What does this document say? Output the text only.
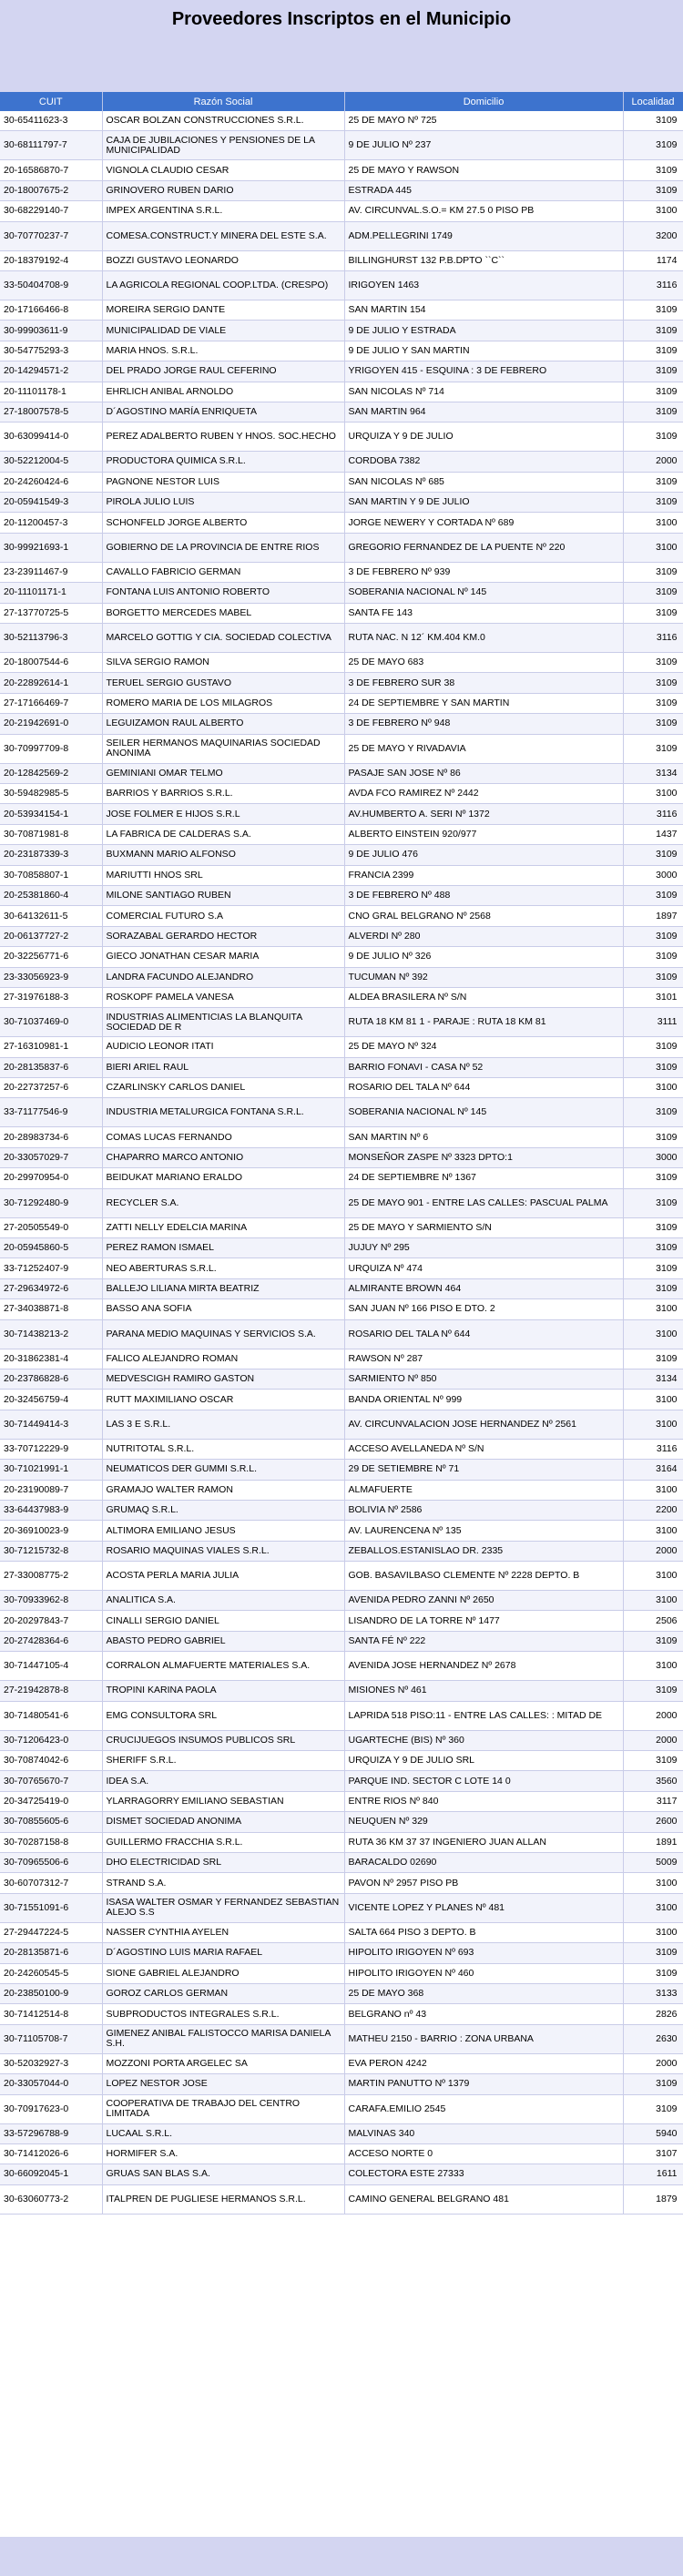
Proveedores Inscriptos en el Municipio
CUIT	Razón Social	Domicilio	Localidad
30-65411623-3	OSCAR BOLZAN CONSTRUCCIONES S.R.L.	25 DE MAYO Nº 725	3109
30-68111797-7	CAJA DE JUBILACIONES Y PENSIONES DE LA MUNICIPALIDAD	9 DE JULIO Nº 237	3109
20-16586870-7	VIGNOLA CLAUDIO CESAR	25 DE MAYO Y RAWSON	3109
20-18007675-2	GRINOVERO RUBEN DARIO	ESTRADA 445	3109
30-68229140-7	IMPEX ARGENTINA S.R.L.	AV. CIRCUNVAL.S.O.= KM 27.5 0 PISO PB	3100
30-70770237-7	COMESA.CONSTRUCT.Y MINERA DEL ESTE S.A.	ADM.PELLEGRINI 1749	3200
20-18379192-4	BOZZI GUSTAVO LEONARDO	BILLINGHURST 132 P.B.DPTO ``C``	1174
33-50404708-9	LA AGRICOLA REGIONAL COOP.LTDA. (CRESPO)	IRIGOYEN 1463	3116
20-17166466-8	MOREIRA SERGIO DANTE	SAN MARTIN 154	3109
30-99903611-9	MUNICIPALIDAD DE VIALE	9 DE JULIO Y ESTRADA	3109
30-54775293-3	MARIA HNOS. S.R.L.	9 DE JULIO Y SAN MARTIN	3109
20-14294571-2	DEL PRADO JORGE RAUL CEFERINO	YRIGOYEN 415 - ESQUINA : 3 DE FEBRERO	3109
20-11101178-1	EHRLICH ANIBAL ARNOLDO	SAN NICOLAS Nº 714	3109
27-18007578-5	D´AGOSTINO MARÍA ENRIQUETA	SAN MARTIN 964	3109
30-63099414-0	PEREZ ADALBERTO RUBEN Y HNOS. SOC.HECHO	URQUIZA Y 9 DE JULIO	3109
30-52212004-5	PRODUCTORA QUIMICA S.R.L.	CORDOBA 7382	2000
20-24260424-6	PAGNONE NESTOR LUIS	SAN NICOLAS Nº 685	3109
20-05941549-3	PIROLA JULIO LUIS	SAN MARTIN Y 9 DE JULIO	3109
20-11200457-3	SCHONFELD JORGE ALBERTO	JORGE NEWERY Y CORTADA Nº 689	3100
30-99921693-1	GOBIERNO DE LA PROVINCIA DE ENTRE RIOS	GREGORIO FERNANDEZ DE LA PUENTE Nº 220	3100
23-23911467-9	CAVALLO FABRICIO GERMAN	3 DE FEBRERO Nº 939	3109
20-11101171-1	FONTANA LUIS ANTONIO ROBERTO	SOBERANIA NACIONAL Nº 145	3109
27-13770725-5	BORGETTO MERCEDES MABEL	SANTA FE 143	3109
30-52113796-3	MARCELO GOTTIG Y CIA. SOCIEDAD COLECTIVA	RUTA NAC. N 12´ KM.404 KM.0	3116
20-18007544-6	SILVA SERGIO RAMON	25 DE MAYO 683	3109
20-22892614-1	TERUEL SERGIO GUSTAVO	3 DE FEBRERO SUR 38	3109
27-17166469-7	ROMERO MARIA DE LOS MILAGROS	24 DE SEPTIEMBRE Y SAN MARTIN	3109
20-21942691-0	LEGUIZAMON RAUL ALBERTO	3 DE FEBRERO Nº 948	3109
30-70997709-8	SEILER HERMANOS MAQUINARIAS SOCIEDAD ANONIMA	25 DE MAYO Y RIVADAVIA	3109
20-12842569-2	GEMINIANI OMAR TELMO	PASAJE SAN JOSE Nº 86	3134
30-59482985-5	BARRIOS Y BARRIOS S.R.L.	AVDA FCO RAMIREZ Nº 2442	3100
20-53934154-1	JOSE FOLMER E HIJOS S.R.L	AV.HUMBERTO A. SERI Nº 1372	3116
30-70871981-8	LA FABRICA DE CALDERAS S.A.	ALBERTO EINSTEIN 920/977	1437
20-23187339-3	BUXMANN MARIO ALFONSO	9 DE JULIO 476	3109
30-70858807-1	MARIUTTI HNOS SRL	FRANCIA 2399	3000
20-25381860-4	MILONE SANTIAGO RUBEN	3 DE FEBRERO Nº 488	3109
30-64132611-5	COMERCIAL FUTURO S.A	CNO GRAL BELGRANO Nº 2568	1897
20-06137727-2	SORAZABAL GERARDO HECTOR	ALVERDI Nº 280	3109
20-32256771-6	GIECO JONATHAN CESAR MARIA	9 DE JULIO Nº 326	3109
23-33056923-9	LANDRA FACUNDO ALEJANDRO	TUCUMAN Nº 392	3109
27-31976188-3	ROSKOPF PAMELA VANESA	ALDEA BRASILERA Nº S/N	3101
30-71037469-0	INDUSTRIAS ALIMENTICIAS LA BLANQUITA SOCIEDAD DE R	RUTA 18 KM 81 1 - PARAJE : RUTA 18 KM 81	3111
27-16310981-1	AUDICIO LEONOR ITATI	25 DE MAYO Nº 324	3109
20-28135837-6	BIERI ARIEL RAUL	BARRIO FONAVI - CASA Nº 52	3109
20-22737257-6	CZARLINSKY CARLOS DANIEL	ROSARIO DEL TALA Nº 644	3100
33-71177546-9	INDUSTRIA METALURGICA FONTANA S.R.L.	SOBERANIA NACIONAL Nº 145	3109
20-28983734-6	COMAS LUCAS FERNANDO	SAN MARTIN Nº 6	3109
20-33057029-7	CHAPARRO MARCO ANTONIO	MONSEÑOR ZASPE Nº 3323 DPTO:1	3000
20-29970954-0	BEIDUKAT MARIANO ERALDO	24 DE SEPTIEMBRE Nº 1367	3109
30-71292480-9	RECYCLER S.A.	25 DE MAYO 901 - ENTRE LAS CALLES: PASCUAL PALMA	3109
27-20505549-0	ZATTI NELLY EDELCIA MARINA	25 DE MAYO Y SARMIENTO S/N	3109
20-05945860-5	PEREZ RAMON ISMAEL	JUJUY Nº 295	3109
33-71252407-9	NEO ABERTURAS S.R.L.	URQUIZA Nº 474	3109
27-29634972-6	BALLEJO LILIANA MIRTA BEATRIZ	ALMIRANTE BROWN 464	3109
27-34038871-8	BASSO ANA SOFIA	SAN JUAN Nº 166 PISO E DTO. 2	3100
30-71438213-2	PARANA MEDIO MAQUINAS Y SERVICIOS S.A.	ROSARIO DEL TALA Nº 644	3100
20-31862381-4	FALICO ALEJANDRO ROMAN	RAWSON Nº 287	3109
20-23786828-6	MEDVESCIGH RAMIRO GASTON	SARMIENTO Nº 850	3134
20-32456759-4	RUTT MAXIMILIANO OSCAR	BANDA ORIENTAL Nº 999	3100
30-71449414-3	LAS 3 E S.R.L.	AV. CIRCUNVALACION JOSE HERNANDEZ Nº 2561	3100
33-70712229-9	NUTRITOTAL S.R.L.	ACCESO AVELLANEDA Nº S/N	3116
30-71021991-1	NEUMATICOS DER GUMMI S.R.L.	29 DE SETIEMBRE Nº 71	3164
20-23190089-7	GRAMAJO WALTER RAMON	ALMAFUERTE	3100
33-64437983-9	GRUMAQ S.R.L.	BOLIVIA Nº 2586	2200
20-36910023-9	ALTIMORA EMILIANO JESUS	AV. LAURENCENA Nº 135	3100
30-71215732-8	ROSARIO MAQUINAS VIALES S.R.L.	ZEBALLOS.ESTANISLAO DR. 2335	2000
27-33008775-2	ACOSTA PERLA MARIA JULIA	GOB. BASAVILBASO CLEMENTE Nº 2228 DEPTO. B	3100
30-70933962-8	ANALITICA S.A.	AVENIDA PEDRO ZANNI Nº 2650	3100
20-20297843-7	CINALLI SERGIO DANIEL	LISANDRO DE LA TORRE Nº 1477	2506
20-27428364-6	ABASTO PEDRO GABRIEL	SANTA FÉ Nº 222	3109
30-71447105-4	CORRALON ALMAFUERTE MATERIALES S.A.	AVENIDA JOSE HERNANDEZ Nº 2678	3100
27-21942878-8	TROPINI KARINA PAOLA	MISIONES Nº 461	3109
30-71480541-6	EMG CONSULTORA SRL	LAPRIDA 518 PISO:11 - ENTRE LAS CALLES: : MITAD DE	2000
30-71206423-0	CRUCIJUEGOS INSUMOS PUBLICOS SRL	UGARTECHE (BIS) Nº 360	2000
30-70874042-6	SHERIFF S.R.L.	URQUIZA Y 9 DE JULIO SRL	3109
30-70765670-7	IDEA S.A.	PARQUE IND. SECTOR C LOTE 14 0	3560
20-34725419-0	YLARRAGORRY EMILIANO SEBASTIAN	ENTRE RIOS Nº 840	3117
30-70855605-6	DISMET SOCIEDAD ANONIMA	NEUQUEN Nº 329	2600
30-70287158-8	GUILLERMO FRACCHIA S.R.L.	RUTA 36 KM 37 37 INGENIERO JUAN ALLAN	1891
30-70965506-6	DHO ELECTRICIDAD SRL	BARACALDO 02690	5009
30-60707312-7	STRAND S.A.	PAVON Nº 2957 PISO PB	3100
30-71551091-6	ISASA WALTER OSMAR Y FERNANDEZ SEBASTIAN ALEJO S.S	VICENTE LOPEZ Y PLANES Nº 481	3100
27-29447224-5	NASSER CYNTHIA AYELEN	SALTA 664 PISO 3 DEPTO. B	3100
20-28135871-6	D´AGOSTINO LUIS MARIA RAFAEL	HIPOLITO IRIGOYEN Nº 693	3109
20-24260545-5	SIONE GABRIEL ALEJANDRO	HIPOLITO IRIGOYEN Nº 460	3109
20-23850100-9	GOROZ CARLOS GERMAN	25 DE MAYO 368	3133
30-71412514-8	SUBPRODUCTOS INTEGRALES S.R.L.	BELGRANO nº 43	2826
30-71105708-7	GIMENEZ ANIBAL FALISTOCCO MARISA DANIELA S.H.	MATHEU 2150 - BARRIO : ZONA URBANA	2630
30-52032927-3	MOZZONI PORTA ARGELEC SA	EVA PERON 4242	2000
20-33057044-0	LOPEZ NESTOR JOSE	MARTIN PANUTTO Nº 1379	3109
30-70917623-0	COOPERATIVA DE TRABAJO DEL CENTRO LIMITADA	CARAFA.EMILIO 2545	3109
33-57296788-9	LUCAAL S.R.L.	MALVINAS 340	5940
30-71412026-6	HORMIFER S.A.	ACCESO NORTE 0	3107
30-66092045-1	GRUAS SAN BLAS S.A.	COLECTORA ESTE 27333	1611
30-63060773-2	ITALPREN DE PUGLIESE HERMANOS S.R.L.	CAMINO GENERAL BELGRANO 481	1879
